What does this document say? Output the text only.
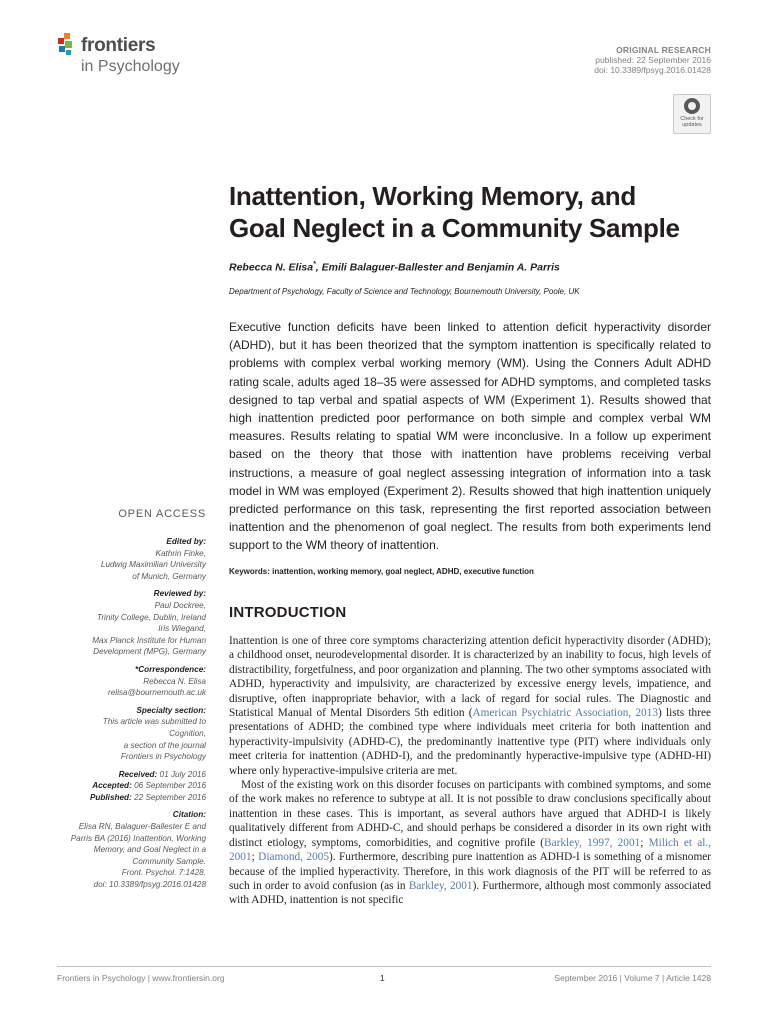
frontiers
in Psychology
ORIGINAL RESEARCH
published: 22 September 2016
doi: 10.3389/fpsyg.2016.01428
Check for
updates
Inattention, Working Memory, and
Goal Neglect in a Community Sample
Rebecca N. Elisa*, Emili Balaguer-Ballester and Benjamin A. Parris
Department of Psychology, Faculty of Science and Technology, Bournemouth University, Poole, UK
Executive function deficits have been linked to attention deficit hyperactivity disorder (ADHD), but it has been theorized that the symptom inattention is specifically related to problems with complex verbal working memory (WM). Using the Conners Adult ADHD rating scale, adults aged 18–35 were assessed for ADHD symptoms, and completed tasks designed to tap verbal and spatial aspects of WM (Experiment 1). Results showed that high inattention predicted poor performance on both simple and complex verbal WM measures. Results relating to spatial WM were inconclusive. In a follow up experiment based on the theory that those with inattention have problems receiving verbal instructions, a measure of goal neglect assessing integration of information into a task model in WM was employed (Experiment 2). Results showed that high inattention uniquely predicted performance on this task, representing the first reported association between inattention and the phenomenon of goal neglect. The results from both experiments lend support to the WM theory of inattention.
Keywords: inattention, working memory, goal neglect, ADHD, executive function
INTRODUCTION

Inattention is one of three core symptoms characterizing attention deficit hyperactivity disorder (ADHD); a childhood onset, neurodevelopmental disorder. It is characterized by an inability to focus, high levels of distractibility, forgetfulness, and poor organization and planning. The two other symptoms associated with ADHD, hyperactivity and impulsivity, are characterized by excessive energy levels, impatience, and disruptive, often inappropriate behavior, with a lack of regard for social rules. The Diagnostic and Statistical Manual of Mental Disorders 5th edition (American Psychiatric Association, 2013) lists three presentations of ADHD; the combined type where individuals meet criteria for both inattention and hyperactivity-impulsivity (ADHD-C), the predominantly inattentive type (PIT) where individuals only meet criteria for inattention (ADHD-I), and the predominantly hyperactive-impulsive type (ADHD-HI) where only hyperactive-impulsive criteria are met.

Most of the existing work on this disorder focuses on participants with combined symptoms, and some of the work makes no reference to subtype at all. It is not possible to draw conclusions specifically about inattention in these cases. This is important, as several authors have argued that ADHD-I is likely qualitatively different from ADHD-C, and should perhaps be considered a disorder in its own right with distinct etiology, symptoms, comorbidities, and cognitive profile (Barkley, 1997, 2001; Milich et al., 2001; Diamond, 2005). Furthermore, describing pure inattention as ADHD-I is something of a misnomer because of the implied hyperactivity. Therefore, in this work diagnosis of the PIT will be referred to as such in order to avoid confusion (as in Barkley, 2001). Furthermore, although most commonly associated with ADHD, inattention is not specific

OPEN ACCESS
Edited by:
Kathrin Finke,
Ludwig Maximilian University
of Munich, Germany
Reviewed by:
Paul Dockree,
Trinity College, Dublin, Ireland
Iris Wiegand,
Max Planck Institute for Human
Development (MPG), Germany
*Correspondence:
Rebecca N. Elisa
relisa@bournemouth.ac.uk
Specialty section:
This article was submitted to
Cognition,
a section of the journal
Frontiers in Psychology
Received: 01 July 2016
Accepted: 06 September 2016
Published: 22 September 2016
Citation:
Elisa RN, Balaguer-Ballester E and
Parris BA (2016) Inattention, Working
Memory, and Goal Neglect in a
Community Sample.
Front. Psychol. 7:1428.
doi: 10.3389/fpsyg.2016.01428
Frontiers in Psychology | www.frontiersin.org	1	September 2016 | Volume 7 | Article 1428
